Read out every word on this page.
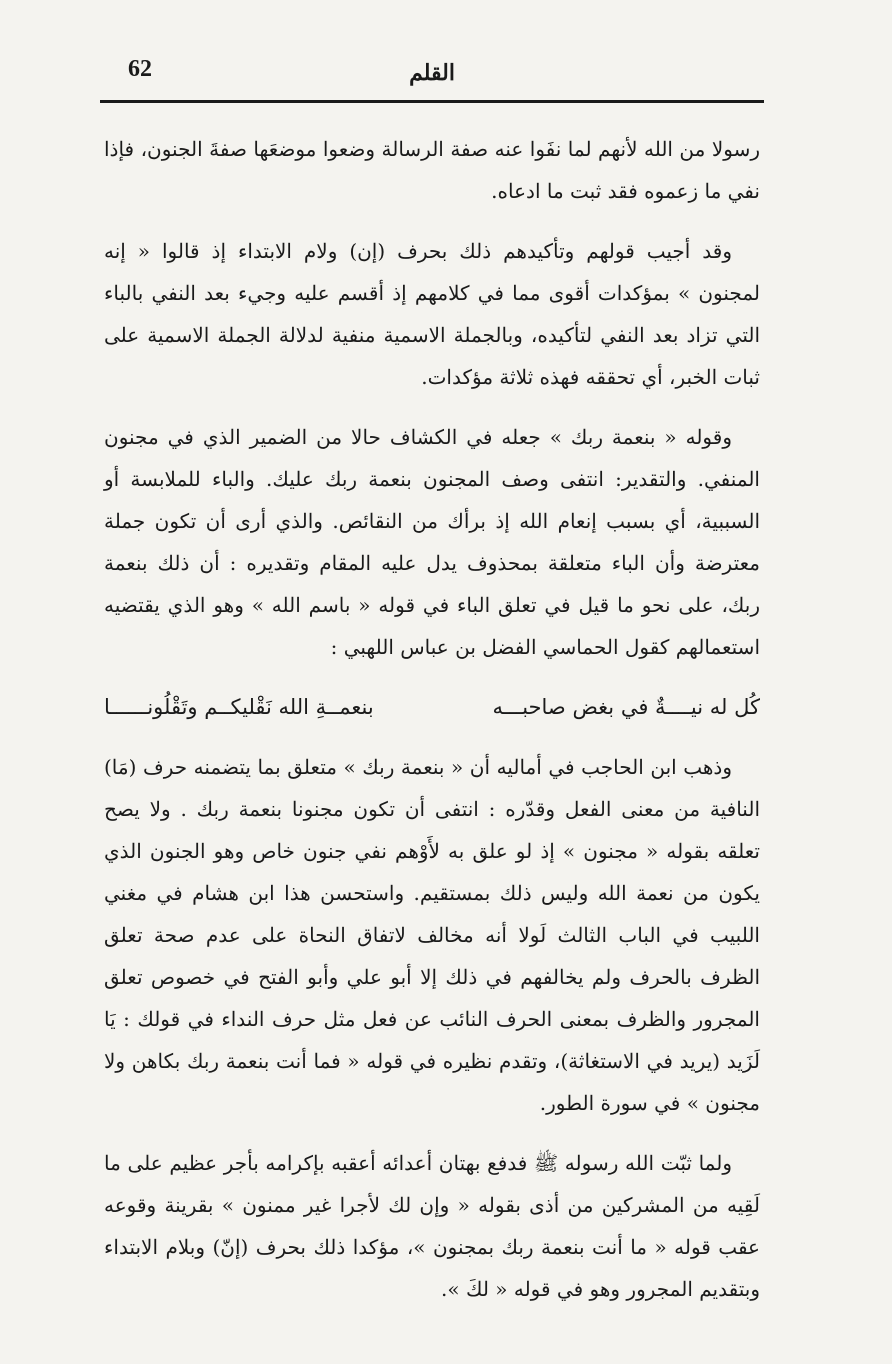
62	القلم

رسولا من الله لأنهم لما نفَوا عنه صفة الرسالة وضعوا موضعَها صفةَ الجنون، فإذا نفي ما زعموه فقد ثبت ما ادعاه.

وقد أجيب قولهم وتأكيدهم ذلك بحرف (إن) ولام الابتداء إذ قالوا « إنه لمجنون » بمؤكدات أقوى مما في كلامهم إذ أقسم عليه وجيء بعد النفي بالباء التي تزاد بعد النفي لتأكيده، وبالجملة الاسمية منفية لدلالة الجملة الاسمية على ثبات الخبر، أي تحققه فهذه ثلاثة مؤكدات.

وقوله « بنعمة ربك » جعله في الكشاف حالا من الضمير الذي في مجنون المنفي. والتقدير: انتفى وصف المجنون بنعمة ربك عليك. والباء للملابسة أو السببية، أي بسبب إنعام الله إذ برأك من النقائص. والذي أرى أن تكون جملة معترضة وأن الباء متعلقة بمحذوف يدل عليه المقام وتقديره : أن ذلك بنعمة ربك، على نحو ما قيل في تعلق الباء في قوله « باسم الله » وهو الذي يقتضيه استعمالهم كقول الحماسي الفضل بن عباس اللهبي :

كُل له نيــــةٌ في بغض صاحبـــه
بنعمــةِ الله نَقْليكــم وتَقْلُونــــــا

وذهب ابن الحاجب في أماليه أن « بنعمة ربك » متعلق بما يتضمنه حرف (مَا) النافية من معنى الفعل وقدّره : انتفى أن تكون مجنونا بنعمة ربك . ولا يصح تعلقه بقوله « مجنون » إذ لو علق به لأَوْهم نفي جنون خاص وهو الجنون الذي يكون من نعمة الله وليس ذلك بمستقيم. واستحسن هذا ابن هشام في مغني اللبيب في الباب الثالث لَولا أنه مخالف لاتفاق النحاة على عدم صحة تعلق الظرف بالحرف ولم يخالفهم في ذلك إلا أبو علي وأبو الفتح في خصوص تعلق المجرور والظرف بمعنى الحرف النائب عن فعل مثل حرف النداء في قولك : يَا لَزَيد (يريد في الاستغاثة)، وتقدم نظيره في قوله « فما أنت بنعمة ربك بكاهن ولا مجنون » في سورة الطور.

ولما ثبّت الله رسوله ﷺ فدفع بهتان أعدائه أعقبه بإكرامه بأجر عظيم على ما لَقِيه من المشركين من أذى بقوله « وإن لك لأجرا غير ممنون » بقرينة وقوعه عقب قوله « ما أنت بنعمة ربك بمجنون »، مؤكدا ذلك بحرف (إنّ) وبلام الابتداء وبتقديم المجرور وهو في قوله « لكَ ».
